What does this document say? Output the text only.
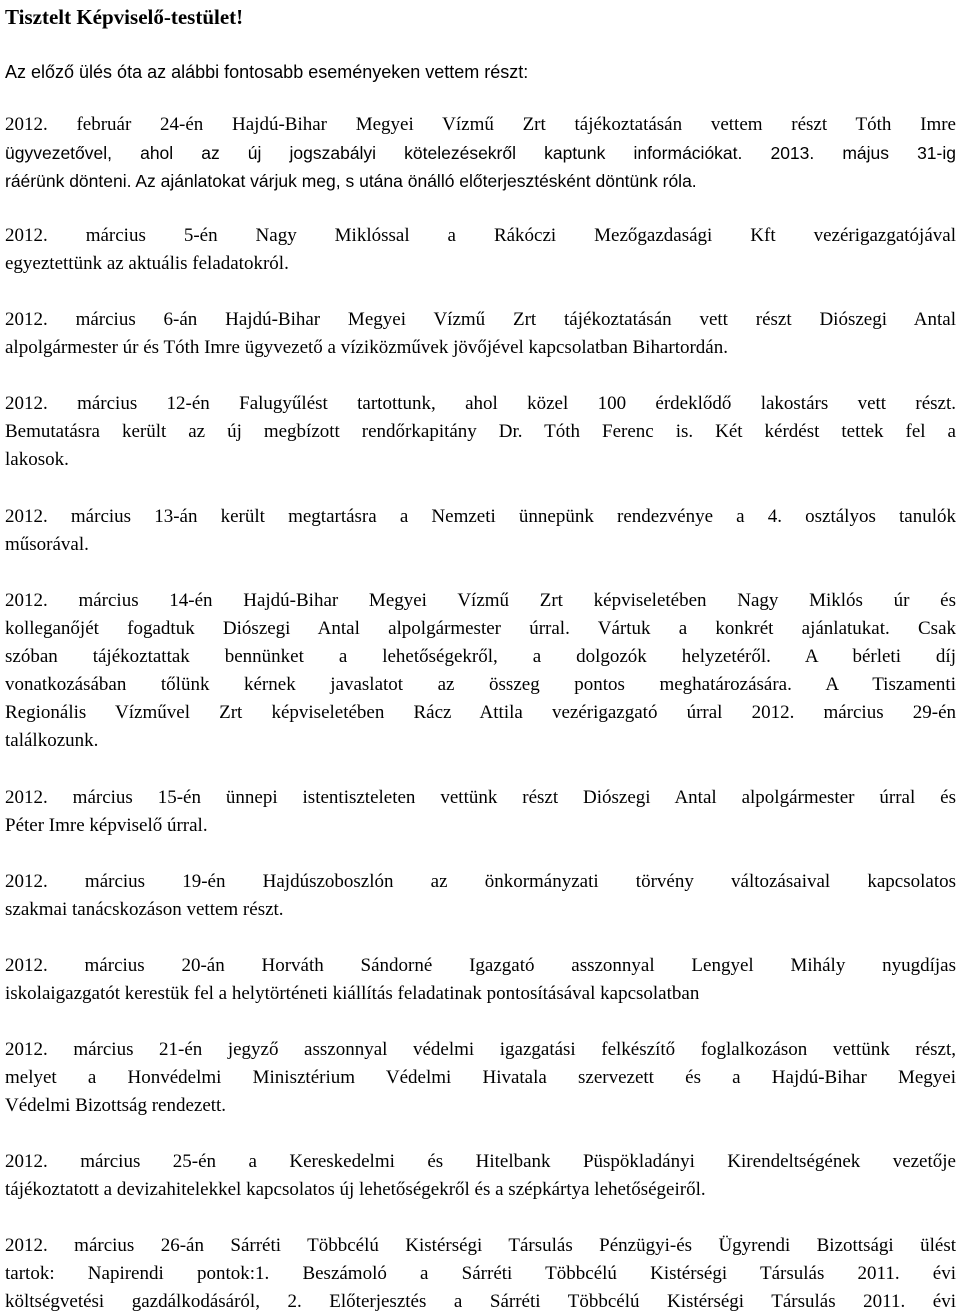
Tisztelt Képviselő-testület!

Az előző ülés óta az alábbi fontosabb eseményeken vettem részt:

2012. február 24-én Hajdú-Bihar Megyei Vízmű Zrt tájékoztatásán vettem részt Tóth Imre
ügyvezetővel, ahol az új jogszabályi kötelezésekről kaptunk információkat. 2013. május 31-ig
ráérünk dönteni. Az ajánlatokat várjuk meg, s utána önálló előterjesztésként döntünk róla.
2012. március 5-én Nagy Miklóssal a Rákóczi Mezőgazdasági Kft vezérigazgatójával
egyeztettünk az aktuális feladatokról.
2012. március 6-án Hajdú-Bihar Megyei Vízmű Zrt tájékoztatásán vett részt Diószegi Antal
alpolgármester úr és Tóth Imre ügyvezető a víziközművek jövőjével kapcsolatban Bihartordán.
2012. március 12-én Falugyűlést tartottunk, ahol közel 100 érdeklődő lakostárs vett részt.
Bemutatásra került az új megbízott rendőrkapitány Dr. Tóth Ferenc is. Két kérdést tettek fel a
lakosok.
2012. március 13-án került megtartásra a Nemzeti ünnepünk rendezvénye a 4. osztályos tanulók
műsorával.
2012. március 14-én Hajdú-Bihar Megyei Vízmű Zrt képviseletében Nagy Miklós úr és
kolleganőjét fogadtuk Diószegi Antal alpolgármester úrral. Vártuk a konkrét ajánlatukat. Csak
szóban tájékoztattak bennünket a lehetőségekről, a dolgozók helyzetéről. A bérleti díj
vonatkozásában tőlünk kérnek javaslatot az összeg pontos meghatározására. A Tiszamenti
Regionális Vízművel Zrt képviseletében Rácz Attila vezérigazgató úrral 2012. március 29-én
találkozunk.
2012. március 15-én ünnepi istentiszteleten vettünk részt Diószegi Antal alpolgármester úrral és
Péter Imre képviselő úrral.
2012. március 19-én Hajdúszoboszlón az önkormányzati törvény változásaival kapcsolatos
szakmai tanácskozáson vettem részt.
2012. március 20-án Horváth Sándorné Igazgató asszonnyal Lengyel Mihály nyugdíjas
iskolaigazgatót kerestük fel a helytörténeti kiállítás feladatinak pontosításával kapcsolatban
2012. március 21-én jegyző asszonnyal védelmi igazgatási felkészítő foglalkozáson vettünk részt,
melyet a Honvédelmi Minisztérium Védelmi Hivatala szervezett és a Hajdú-Bihar Megyei
Védelmi Bizottság rendezett.
2012. március 25-én a Kereskedelmi és Hitelbank Püspökladányi Kirendeltségének vezetője
tájékoztatott a devizahitelekkel kapcsolatos új lehetőségekről és a szépkártya lehetőségeiről.
2012. március 26-án Sárréti Többcélú Kistérségi Társulás Pénzügyi-és Ügyrendi Bizottsági ülést
tartok: Napirendi pontok:1. Beszámoló a Sárréti Többcélú Kistérségi Társulás 2011. évi
költségvetési gazdálkodásáról, 2. Előterjesztés a Sárréti Többcélú Kistérségi Társulás 2011. évi
